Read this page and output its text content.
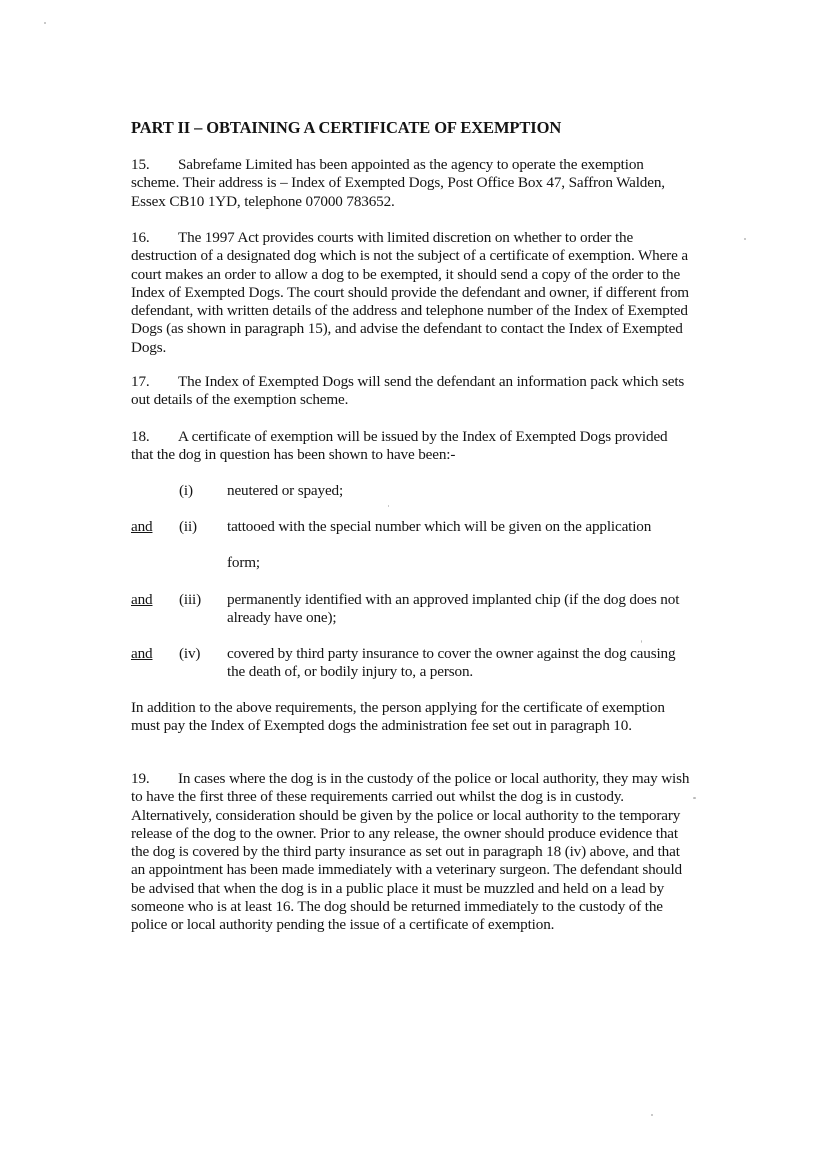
PART II – OBTAINING A CERTIFICATE OF EXEMPTION
15. Sabrefame Limited has been appointed as the agency to operate the exemption scheme. Their address is – Index of Exempted Dogs, Post Office Box 47, Saffron Walden, Essex CB10 1YD, telephone 07000 783652.
16. The 1997 Act provides courts with limited discretion on whether to order the destruction of a designated dog which is not the subject of a certificate of exemption. Where a court makes an order to allow a dog to be exempted, it should send a copy of the order to the Index of Exempted Dogs. The court should provide the defendant and owner, if different from defendant, with written details of the address and telephone number of the Index of Exempted Dogs (as shown in paragraph 15), and advise the defendant to contact the Index of Exempted Dogs.
17. The Index of Exempted Dogs will send the defendant an information pack which sets out details of the exemption scheme.
18. A certificate of exemption will be issued by the Index of Exempted Dogs provided that the dog in question has been shown to have been:-
(i) neutered or spayed;
and (ii) tattooed with the special number which will be given on the application
form;
and (iii) permanently identified with an approved implanted chip (if the dog does not already have one);
and (iv) covered by third party insurance to cover the owner against the dog causing the death of, or bodily injury to, a person.
In addition to the above requirements, the person applying for the certificate of exemption must pay the Index of Exempted dogs the administration fee set out in paragraph 10.
19. In cases where the dog is in the custody of the police or local authority, they may wish to have the first three of these requirements carried out whilst the dog is in custody. Alternatively, consideration should be given by the police or local authority to the temporary release of the dog to the owner. Prior to any release, the owner should produce evidence that the dog is covered by the third party insurance as set out in paragraph 18 (iv) above, and that an appointment has been made immediately with a veterinary surgeon. The defendant should be advised that when the dog is in a public place it must be muzzled and held on a lead by someone who is at least 16. The dog should be returned immediately to the custody of the police or local authority pending the issue of a certificate of exemption.
